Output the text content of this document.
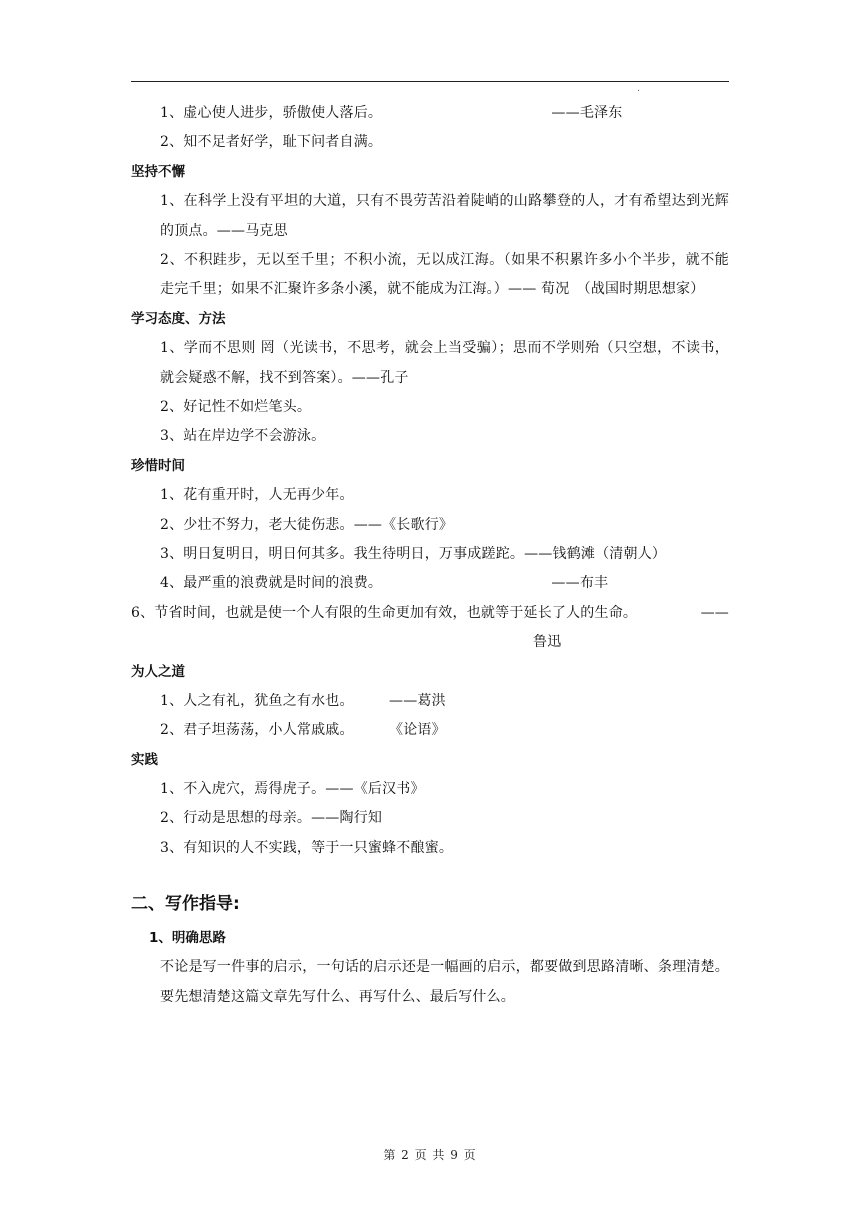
.
1、虚心使人进步，骄傲使人落后。	——毛泽东
2、知不足者好学，耻下问者自满。
坚持不懈
1、在科学上没有平坦的大道，只有不畏劳苦沿着陡峭的山路攀登的人，才有希望达到光辉的顶点。——马克思
2、不积跬步，无以至千里；不积小流，无以成江海。（如果不积累许多小个半步，就不能走完千里；如果不汇聚许多条小溪，就不能成为江海。）—— 荀况　（战国时期思想家）
学习态度、方法
1、学而不思则 罔（光读书，不思考，就会上当受骗）；思而不学则殆（只空想，不读书，就会疑惑不解，找不到答案）。——孔子
2、好记性不如烂笔头。
3、站在岸边学不会游泳。
珍惜时间
1、花有重开时，人无再少年。
2、少壮不努力，老大徒伤悲。——《长歌行》
3、明日复明日，明日何其多。我生待明日，万事成蹉跎。——钱鹤滩（清朝人）
4、最严重的浪费就是时间的浪费。	——布丰
6、节省时间，也就是使一个人有限的生命更加有效，也就等于延长了人的生命。	——
鲁迅
为人之道
1、人之有礼，犹鱼之有水也。	——葛洪
2、君子坦荡荡，小人常戚戚。	《论语》
实践
1、不入虎穴，焉得虎子。——《后汉书》
2、行动是思想的母亲。——陶行知
3、有知识的人不实践，等于一只蜜蜂不酿蜜。
二、写作指导:
1、明确思路
不论是写一件事的启示，一句话的启示还是一幅画的启示，都要做到思路清晰、条理清楚。要先想清楚这篇文章先写什么、再写什么、最后写什么。
第 2 页 共 9 页
